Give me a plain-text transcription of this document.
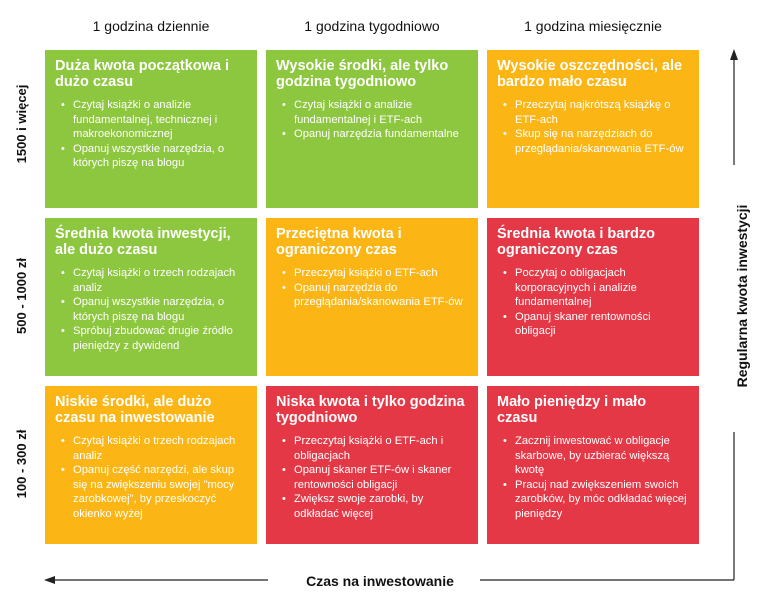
1 godzina dziennie	1 godzina tygodniowo	1 godzina miesięcznie
1500 i więcej
500 - 1000 zł
100 - 300 zł
Duża kwota początkowa i dużo czasu
• Czytaj książki o analizie fundamentalnej, technicznej i makroekonomicznej
• Opanuj wszystkie narzędzia, o których piszę na blogu
Wysokie środki, ale tylko godzina tygodniowo
• Czytaj książki o analizie fundamentalnej i ETF-ach
• Opanuj narzędzia fundamentalne
Wysokie oszczędności, ale bardzo mało czasu
• Przeczytaj najkrótszą książkę o ETF-ach
• Skup się na narzędziach do przeglądania/skanowania ETF-ów
Średnia kwota inwestycji, ale dużo czasu
• Czytaj książki o trzech rodzajach analiz
• Opanuj wszystkie narzędzia, o których piszę na blogu
• Spróbuj zbudować drugie źródło pieniędzy z dywidend
Przeciętna kwota i ograniczony czas
• Przeczytaj książki o ETF-ach
• Opanuj narzędzia do przeglądania/skanowania ETF-ów
Średnia kwota i bardzo ograniczony czas
• Poczytaj o obligacjach korporacyjnych i analizie fundamentalnej
• Opanuj skaner rentowności obligacji
Niskie środki, ale dużo czasu na inwestowanie
• Czytaj książki o trzech rodzajach analiz
• Opanuj część narzędzi, ale skup się na zwiększeniu swojej "mocy zarobkowej", by przeskoczyć okienko wyżej
Niska kwota i tylko godzina tygodniowo
• Przeczytaj książki o ETF-ach i obligacjach
• Opanuj skaner ETF-ów i skaner rentowności obligacji
• Zwiększ swoje zarobki, by odkładać więcej
Mało pieniędzy i mało czasu
• Zacznij inwestować w obligacje skarbowe, by uzbierać większą kwotę
• Pracuj nad zwiększeniem swoich zarobków, by móc odkładać więcej pieniędzy
Czas na inwestowanie
Regularna kwota inwestycji
